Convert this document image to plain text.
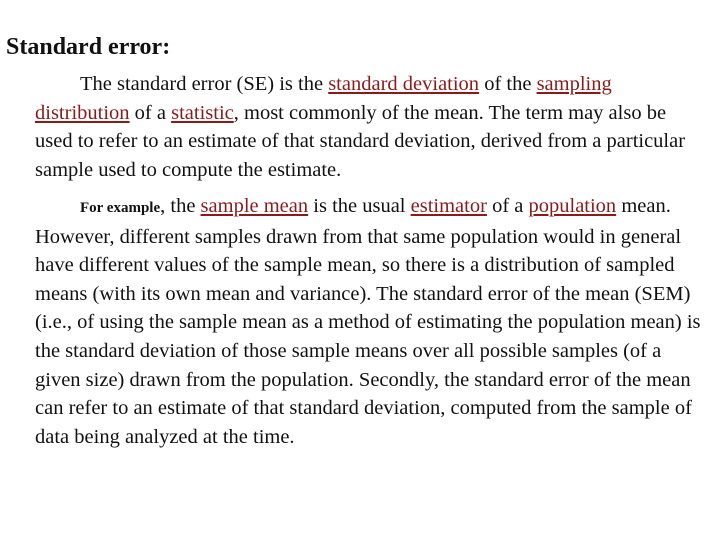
Standard error:

The standard error (SE) is the standard deviation of the sampling distribution of a statistic, most commonly of the mean. The term may also be used to refer to an estimate of that standard deviation, derived from a particular sample used to compute the estimate.

For example, the sample mean is the usual estimator of a population mean. However, different samples drawn from that same population would in general have different values of the sample mean, so there is a distribution of sampled means (with its own mean and variance). The standard error of the mean (SEM) (i.e., of using the sample mean as a method of estimating the population mean) is the standard deviation of those sample means over all possible samples (of a given size) drawn from the population. Secondly, the standard error of the mean can refer to an estimate of that standard deviation, computed from the sample of data being analyzed at the time.
